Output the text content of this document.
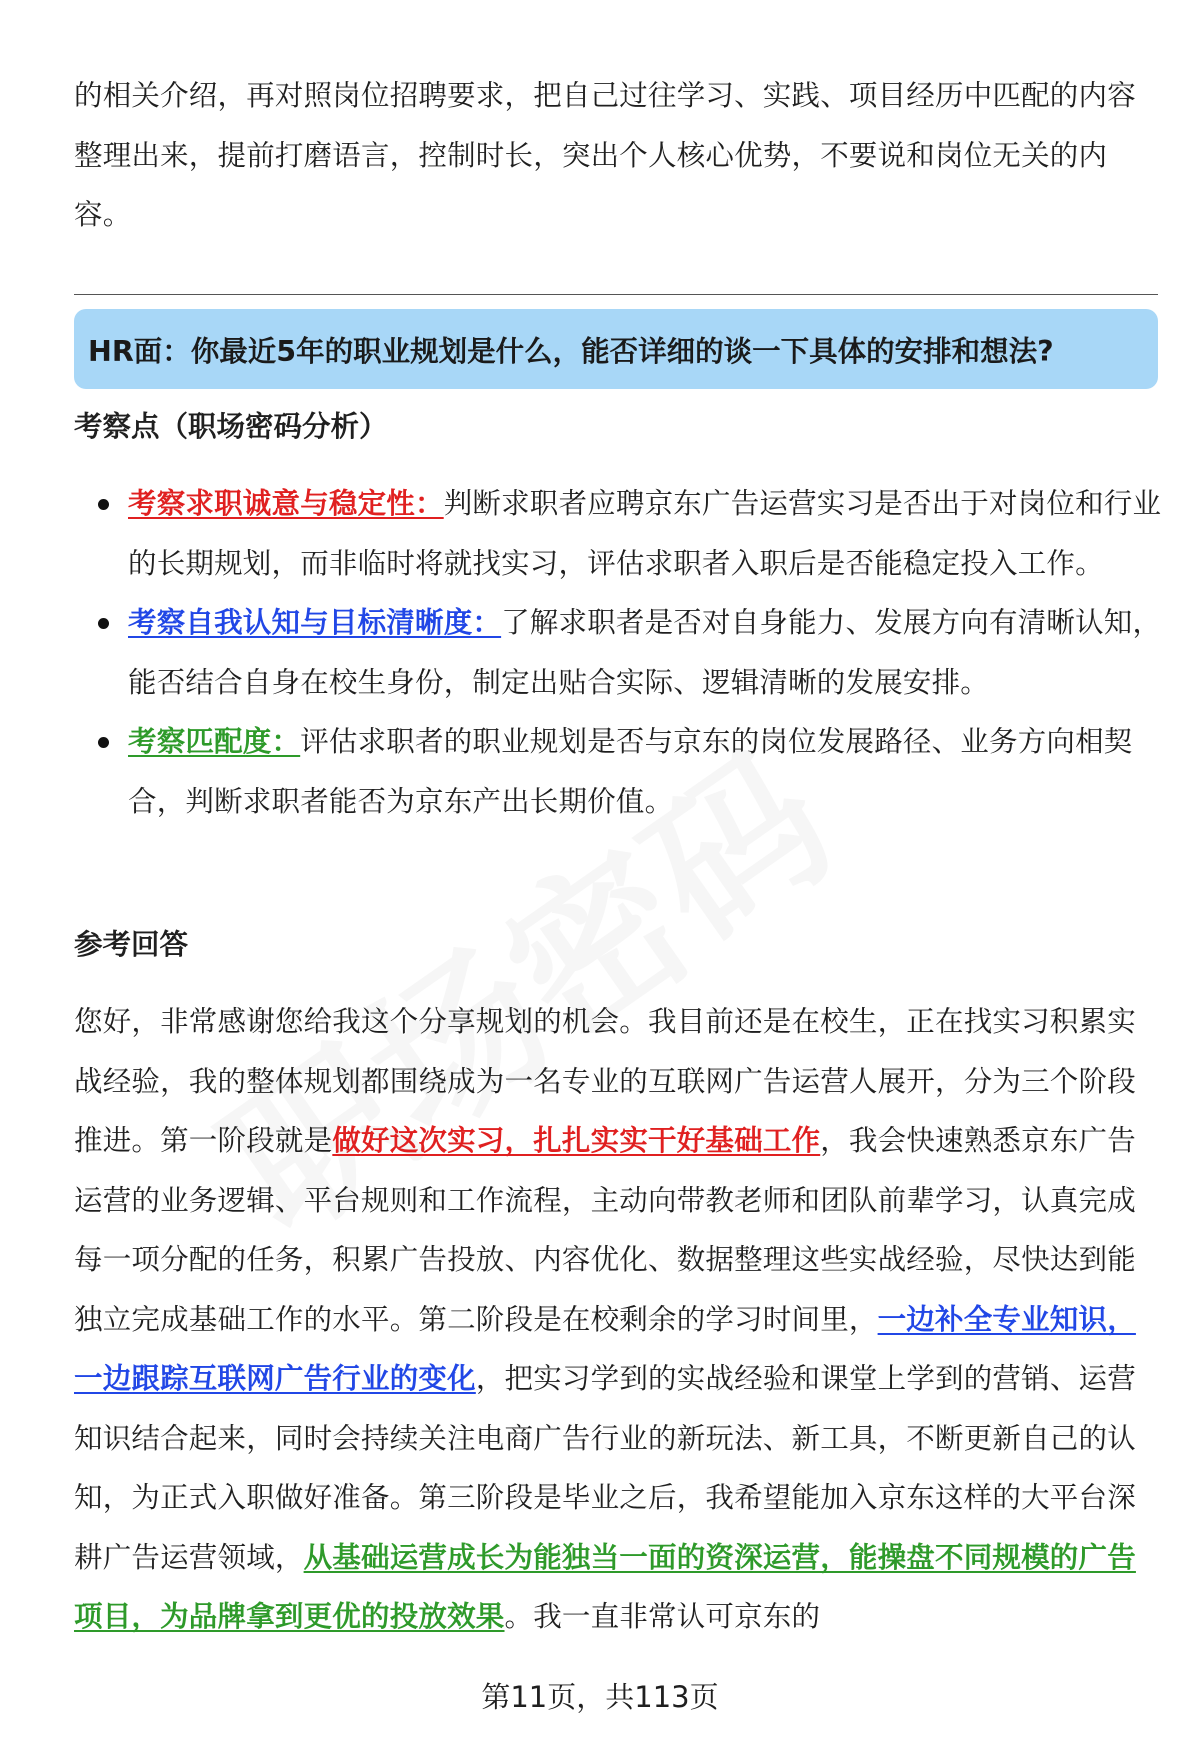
的相关介绍，再对照岗位招聘要求，把自己过往学习、实践、项目经历中匹配的内容整理出来，提前打磨语言，控制时长，突出个人核心优势，不要说和岗位无关的内容。

HR面：你最近5年的职业规划是什么，能否详细的谈一下具体的安排和想法?
考察点（职场密码分析）
考察求职诚意与稳定性：判断求职者应聘京东广告运营实习是否出于对岗位和行业的长期规划，而非临时将就找实习，评估求职者入职后是否能稳定投入工作。
考察自我认知与目标清晰度：了解求职者是否对自身能力、发展方向有清晰认知，能否结合自身在校生身份，制定出贴合实际、逻辑清晰的发展安排。
考察匹配度：评估求职者的职业规划是否与京东的岗位发展路径、业务方向相契合，判断求职者能否为京东产出长期价值。
参考回答

您好，非常感谢您给我这个分享规划的机会。我目前还是在校生，正在找实习积累实战经验，我的整体规划都围绕成为一名专业的互联网广告运营人展开，分为三个阶段推进。第一阶段就是做好这次实习，扎扎实实干好基础工作，我会快速熟悉京东广告运营的业务逻辑、平台规则和工作流程，主动向带教老师和团队前辈学习，认真完成每一项分配的任务，积累广告投放、内容优化、数据整理这些实战经验，尽快达到能独立完成基础工作的水平。第二阶段是在校剩余的学习时间里，一边补全专业知识，一边跟踪互联网广告行业的变化，把实习学到的实战经验和课堂上学到的营销、运营知识结合起来，同时会持续关注电商广告行业的新玩法、新工具，不断更新自己的认知，为正式入职做好准备。第三阶段是毕业之后，我希望能加入京东这样的大平台深耕广告运营领域，从基础运营成长为能独当一面的资深运营，能操盘不同规模的广告项目，为品牌拿到更优的投放效果。我一直非常认可京东的

第11页，共113页
